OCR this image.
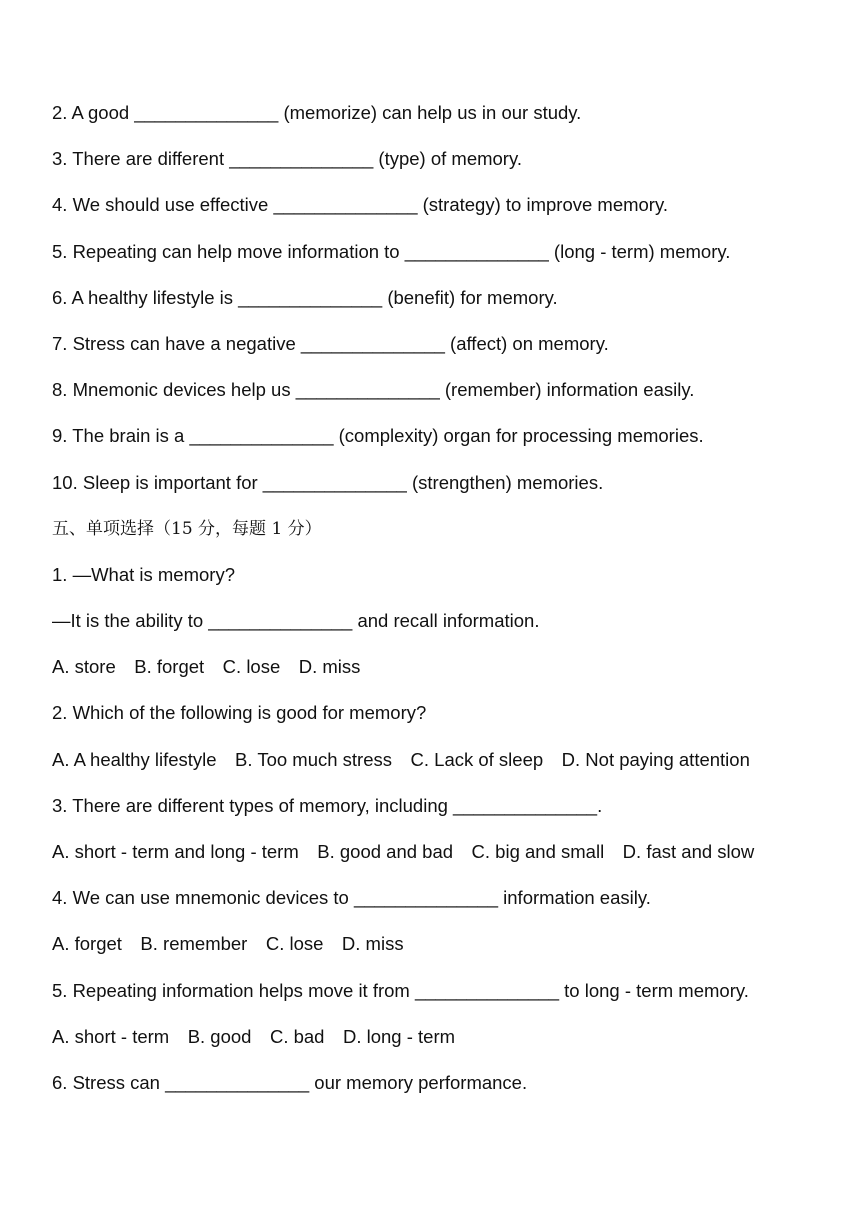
2. A good ______________ (memorize) can help us in our study.
3. There are different ______________ (type) of memory.
4. We should use effective ______________ (strategy) to improve memory.
5. Repeating can help move information to ______________ (long - term) memory.
6. A healthy lifestyle is ______________ (benefit) for memory.
7. Stress can have a negative ______________ (affect) on memory.
8. Mnemonic devices help us ______________ (remember) information easily.
9. The brain is a ______________ (complexity) organ for processing memories.
10. Sleep is important for ______________ (strengthen) memories.
五、单项选择（15 分，每题 1 分）
1. —What is memory?
—It is the ability to ______________ and recall information.
A. store　B. forget　C. lose　D. miss
2. Which of the following is good for memory?
A. A healthy lifestyle　B. Too much stress　C. Lack of sleep　D. Not paying attention
3. There are different types of memory, including ______________.
A. short - term and long - term　B. good and bad　C. big and small　D. fast and slow
4. We can use mnemonic devices to ______________ information easily.
A. forget　B. remember　C. lose　D. miss
5. Repeating information helps move it from ______________ to long - term memory.
A. short - term　B. good　C. bad　D. long - term
6. Stress can ______________ our memory performance.
